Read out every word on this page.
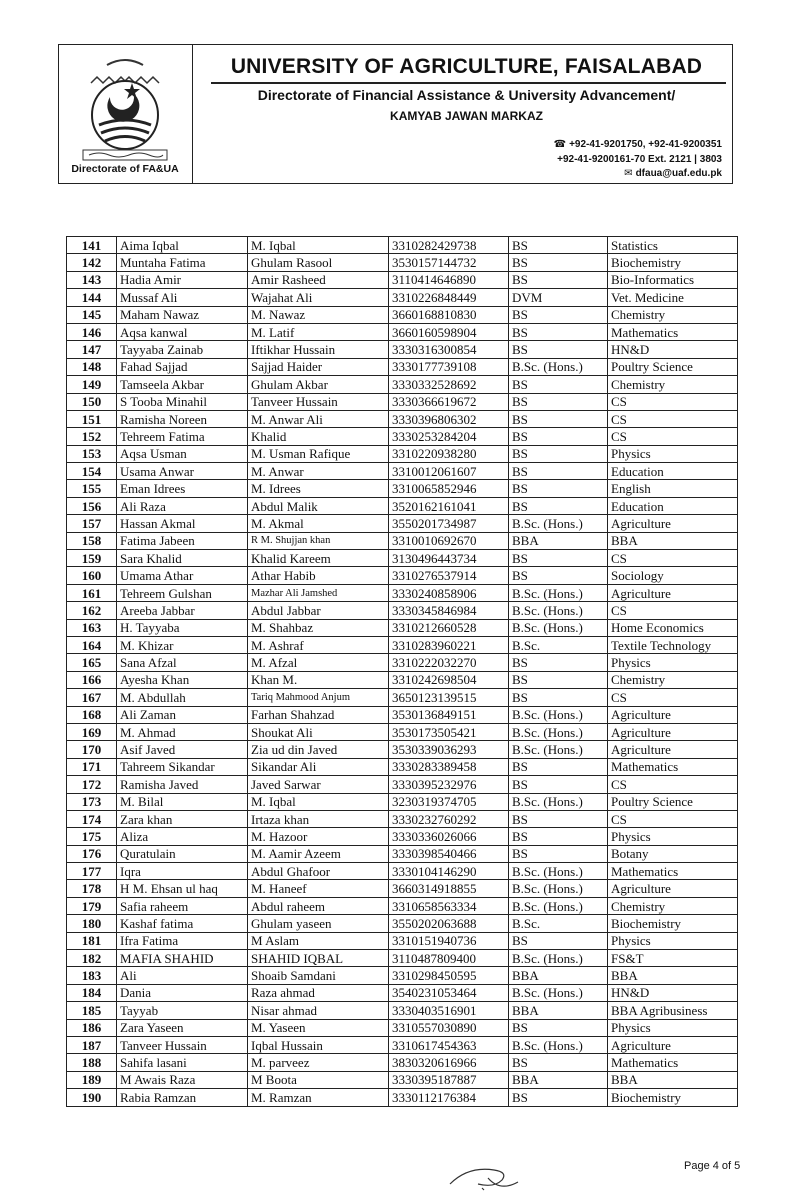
Directorate of FA&UA
UNIVERSITY OF AGRICULTURE, FAISALABAD
Directorate of Financial Assistance & University Advancement/
KAMYAB JAWAN MARKAZ
☎ +92-41-9201750, +92-41-9200351
+92-41-9200161-70 Ext. 2121 | 3803
✉ dfaua@uaf.edu.pk
141	Aima Iqbal	M. Iqbal	3310282429738	BS	Statistics
142	Muntaha Fatima	Ghulam Rasool	3530157144732	BS	Biochemistry
143	Hadia Amir	Amir Rasheed	3110414646890	BS	Bio-Informatics
144	Mussaf Ali	Wajahat Ali	3310226848449	DVM	Vet. Medicine
145	Maham Nawaz	M. Nawaz	3660168810830	BS	Chemistry
146	Aqsa kanwal	M. Latif	3660160598904	BS	Mathematics
147	Tayyaba Zainab	Iftikhar Hussain	3330316300854	BS	HN&D
148	Fahad Sajjad	Sajjad Haider	3330177739108	B.Sc. (Hons.)	Poultry Science
149	Tamseela Akbar	Ghulam Akbar	3330332528692	BS	Chemistry
150	S Tooba Minahil	Tanveer Hussain	3330366619672	BS	CS
151	Ramisha Noreen	M. Anwar Ali	3330396806302	BS	CS
152	Tehreem Fatima	Khalid	3330253284204	BS	CS
153	Aqsa Usman	M. Usman Rafique	3310220938280	BS	Physics
154	Usama Anwar	M. Anwar	3310012061607	BS	Education
155	Eman Idrees	M. Idrees	3310065852946	BS	English
156	Ali Raza	Abdul Malik	3520162161041	BS	Education
157	Hassan Akmal	M. Akmal	3550201734987	B.Sc. (Hons.)	Agriculture
158	Fatima Jabeen	R M. Shujjan khan	3310010692670	BBA	BBA
159	Sara Khalid	Khalid Kareem	3130496443734	BS	CS
160	Umama Athar	Athar Habib	3310276537914	BS	Sociology
161	Tehreem Gulshan	Mazhar Ali Jamshed	3330240858906	B.Sc. (Hons.)	Agriculture
162	Areeba Jabbar	Abdul Jabbar	3330345846984	B.Sc. (Hons.)	CS
163	H. Tayyaba	M. Shahbaz	3310212660528	B.Sc. (Hons.)	Home Economics
164	M. Khizar	M. Ashraf	3310283960221	B.Sc.	Textile Technology
165	Sana Afzal	M. Afzal	3310222032270	BS	Physics
166	Ayesha Khan	Khan M.	3310242698504	BS	Chemistry
167	M. Abdullah	Tariq Mahmood Anjum	3650123139515	BS	CS
168	Ali Zaman	Farhan Shahzad	3530136849151	B.Sc. (Hons.)	Agriculture
169	M. Ahmad	Shoukat Ali	3530173505421	B.Sc. (Hons.)	Agriculture
170	Asif Javed	Zia ud din Javed	3530339036293	B.Sc. (Hons.)	Agriculture
171	Tahreem Sikandar	Sikandar Ali	3330283389458	BS	Mathematics
172	Ramisha Javed	Javed Sarwar	3330395232976	BS	CS
173	M. Bilal	M. Iqbal	3230319374705	B.Sc. (Hons.)	Poultry Science
174	Zara khan	Irtaza khan	3330232760292	BS	CS
175	Aliza	M. Hazoor	3330336026066	BS	Physics
176	Quratulain	M. Aamir Azeem	3330398540466	BS	Botany
177	Iqra	Abdul Ghafoor	3330104146290	B.Sc. (Hons.)	Mathematics
178	H M. Ehsan ul haq	M. Haneef	3660314918855	B.Sc. (Hons.)	Agriculture
179	Safia raheem	Abdul raheem	3310658563334	B.Sc. (Hons.)	Chemistry
180	Kashaf fatima	Ghulam yaseen	3550202063688	B.Sc.	Biochemistry
181	Ifra Fatima	M Aslam	3310151940736	BS	Physics
182	MAFIA SHAHID	SHAHID IQBAL	3110487809400	B.Sc. (Hons.)	FS&T
183	Ali	Shoaib Samdani	3310298450595	BBA	BBA
184	Dania	Raza ahmad	3540231053464	B.Sc. (Hons.)	HN&D
185	Tayyab	Nisar ahmad	3330403516901	BBA	BBA Agribusiness
186	Zara Yaseen	M. Yaseen	3310557030890	BS	Physics
187	Tanveer Hussain	Iqbal Hussain	3310617454363	B.Sc. (Hons.)	Agriculture
188	Sahifa lasani	M. parveez	3830320616966	BS	Mathematics
189	M Awais Raza	M Boota	3330395187887	BBA	BBA
190	Rabia Ramzan	M. Ramzan	3330112176384	BS	Biochemistry
Page 4 of 5
